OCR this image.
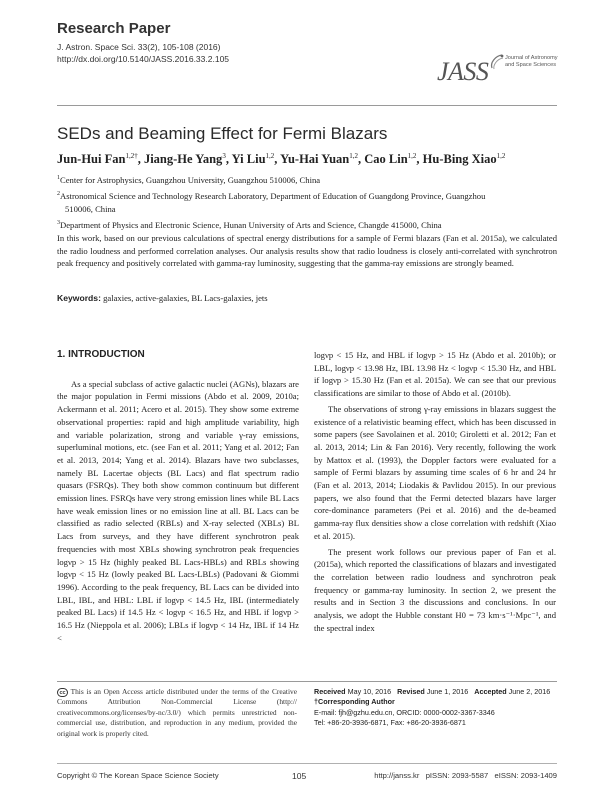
Research Paper
J. Astron. Space Sci. 33(2), 105-108 (2016)
http://dx.doi.org/10.5140/JASS.2016.33.2.105	JASS	Journal of Astronomy and Space Sciences
SEDs and Beaming Effect for Fermi Blazars
Jun-Hui Fan$^{1,2\dagger}$, Jiang-He Yang$^3$, Yi Liu$^{1,2}$, Yu-Hai Yuan$^{1,2}$, Cao Lin$^{1,2}$, Hu-Bing Xiao$^{1,2}$
$^1$Center for Astrophysics, Guangzhou University, Guangzhou 510006, China
$^2$Astronomical Science and Technology Research Laboratory, Department of Education of Guangdong Province, Guangzhou
510006, China
$^3$Department of Physics and Electronic Science, Hunan University of Arts and Science, Changde 415000, China
In this work, based on our previous calculations of spectral energy distributions for a sample of Fermi blazars (Fan et al. 2015a), we calculated the radio loudness and performed correlation analyses. Our analysis results show that radio loudness is closely anti-correlated with synchrotron peak frequency and positively correlated with gamma-ray luminosity, suggesting that the gamma-ray emissions are strongly beamed.
Keywords: galaxies, active-galaxies, BL Lacs-galaxies, jets
1. INTRODUCTION
As a special subclass of active galactic nuclei (AGNs), blazars are the major population in Fermi missions (Abdo et al. 2009, 2010a; Ackermann et al. 2011; Acero et al. 2015). They show some extreme observational properties: rapid and high amplitude variability, high and variable polarization, strong and variable γ-ray emissions, superluminal motions, etc. (see Fan et al. 2011; Yang et al. 2012; Fan et al. 2013, 2014; Yang et al. 2014). Blazars have two subclasses, namely BL Lacertae objects (BL Lacs) and flat spectrum radio quasars (FSRQs). They both show common continuum but different emission lines. FSRQs have very strong emission lines while BL Lacs have weak emission lines or no emission line at all. BL Lacs can be classified as radio selected (RBLs) and X-ray selected (XBLs) BL Lacs from surveys, and they have different synchrotron peak frequencies with most XBLs showing synchrotron peak frequencies logνp > 15 Hz (highly peaked BL Lacs-HBLs) and RBLs showing logνp < 15 Hz (lowly peaked BL Lacs-LBLs) (Padovani & Giommi 1996). According to the peak frequency, BL Lacs can be divided into LBL, IBL, and HBL: LBL if logνp < 14.5 Hz, IBL (intermediately peaked BL Lacs) if 14.5 Hz < logνp < 16.5 Hz, and HBL if logνp > 16.5 Hz (Nieppola et al. 2006); LBLs if logνp < 14 Hz, IBL if 14 Hz <
logνp < 15 Hz, and HBL if logνp > 15 Hz (Abdo et al. 2010b); or LBL, logνp < 13.98 Hz, IBL 13.98 Hz < logνp < 15.30 Hz, and HBL if logνp > 15.30 Hz (Fan et al. 2015a). We can see that our previous classifications are similar to those of Abdo et al. (2010b).
The observations of strong γ-ray emissions in blazars suggest the existence of a relativistic beaming effect, which has been discussed in some papers (see Savolainen et al. 2010; Giroletti et al. 2012; Fan et al. 2013, 2014; Lin & Fan 2016). Very recently, following the work by Mattox et al. (1993), the Doppler factors were evaluated for a sample of Fermi blazars by assuming time scales of 6 hr and 24 hr (Fan et al. 2013, 2014; Liodakis & Pavlidou 2015). In our previous papers, we also found that the Fermi detected blazars have larger core-dominance parameters (Pei et al. 2016) and the de-beamed gamma-ray flux densities show a close correlation with redshift (Xiao et al. 2015).
The present work follows our previous paper of Fan et al. (2015a), which reported the classifications of blazars and investigated the correlation between radio loudness and synchrotron peak frequency or gamma-ray luminosity. In section 2, we present the results and in Section 3 the discussions and conclusions. In our analysis, we adopt the Hubble constant H0 = 73 km·s⁻¹·Mpc⁻¹, and the spectral index
cc This is an Open Access article distributed under the terms of the Creative Commons Attribution Non-Commercial License (http:// creativecommons.org/licenses/by-nc/3.0/) which permits unrestricted non-commercial use, distribution, and reproduction in any medium, provided the original work is properly cited.
Received May 10, 2016 Revised June 1, 2016 Accepted June 2, 2016
†Corresponding Author
E-mail: fjh@gzhu.edu.cn, ORCID: 0000-0002-3367-3346
Tel: +86-20-3936-6871, Fax: +86-20-3936-6871
Copyright © The Korean Space Science Society	105	http://janss.kr   pISSN: 2093-5587   eISSN: 2093-1409
